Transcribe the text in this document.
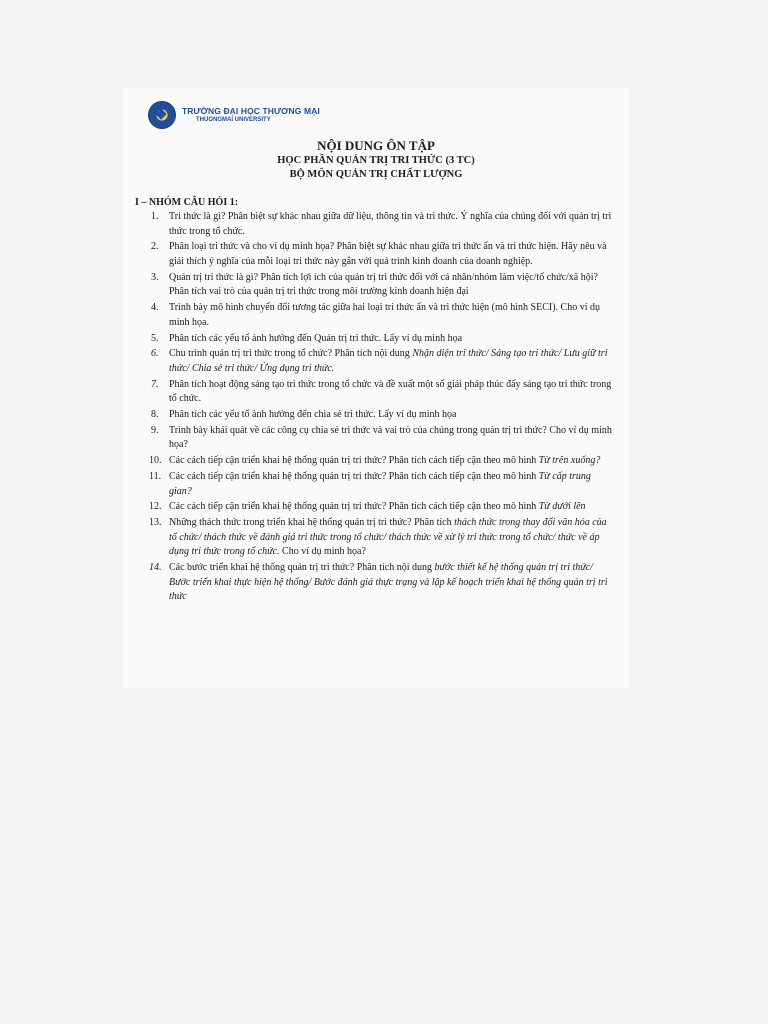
TRƯỜNG ĐẠI HỌC THƯƠNG MẠI
THUONGMAI UNIVERSITY
NỘI DUNG ÔN TẬP
HỌC PHẦN QUẢN TRỊ TRI THỨC (3 TC)
BỘ MÔN QUẢN TRỊ CHẤT LƯỢNG
I – NHÓM CÂU HỎI 1:
1. Tri thức là gì? Phân biệt sự khác nhau giữa dữ liệu, thông tin và tri thức. Ý nghĩa của chúng đối với quản trị tri thức trong tổ chức.
2. Phân loại tri thức và cho ví dụ minh họa? Phân biệt sự khác nhau giữa tri thức ẩn và tri thức hiện. Hãy nêu và giải thích ý nghĩa của mỗi loại tri thức này gắn với quá trình kinh doanh của doanh nghiệp.
3. Quản trị tri thức là gì? Phân tích lợi ích của quản trị tri thức đối với cá nhân/nhóm làm việc/tổ chức/xã hội? Phân tích vai trò của quản trị tri thức trong môi trường kinh doanh hiện đại
4. Trình bày mô hình chuyển đổi tương tác giữa hai loại tri thức ẩn và tri thức hiện (mô hình SECI). Cho ví dụ minh họa.
5. Phân tích các yếu tố ảnh hưởng đến Quản trị tri thức. Lấy ví dụ minh họa
6. Chu trình quản trị tri thức trong tổ chức? Phân tích nội dung Nhận diện tri thức/ Sáng tạo tri thức/ Lưu giữ tri thức/ Chia sẻ tri thức/ Ứng dụng tri thức.
7. Phân tích hoạt động sáng tạo tri thức trong tổ chức và đề xuất một số giải pháp thúc đẩy sáng tạo tri thức trong tổ chức.
8. Phân tích các yếu tố ảnh hưởng đến chia sẻ tri thức. Lấy ví dụ minh họa
9. Trình bày khái quát về các công cụ chia sẻ tri thức và vai trò của chúng trong quản trị tri thức? Cho ví dụ minh họa?
10. Các cách tiếp cận triển khai hệ thống quản trị tri thức? Phân tích cách tiếp cận theo mô hình Từ trên xuống?
11. Các cách tiếp cận triển khai hệ thống quản trị tri thức? Phân tích cách tiếp cận theo mô hình Từ cấp trung gian?
12. Các cách tiếp cận triển khai hệ thống quản trị tri thức? Phân tích cách tiếp cận theo mô hình Từ dưới lên
13. Những thách thức trong triển khai hệ thống quản trị tri thức? Phân tích thách thức trong thay đổi văn hóa của tổ chức/ thách thức về đánh giá tri thức trong tổ chức/ thách thức về xử lý tri thức trong tổ chức/ thức về áp dụng tri thức trong tổ chức. Cho ví dụ minh họa?
14. Các bước triển khai hệ thống quản trị tri thức? Phân tích nội dung bước thiết kế hệ thống quản trị tri thức/ Bước triển khai thực hiện hệ thống/ Bước đánh giá thực trạng và lập kế hoạch triển khai hệ thống quản trị tri thức
